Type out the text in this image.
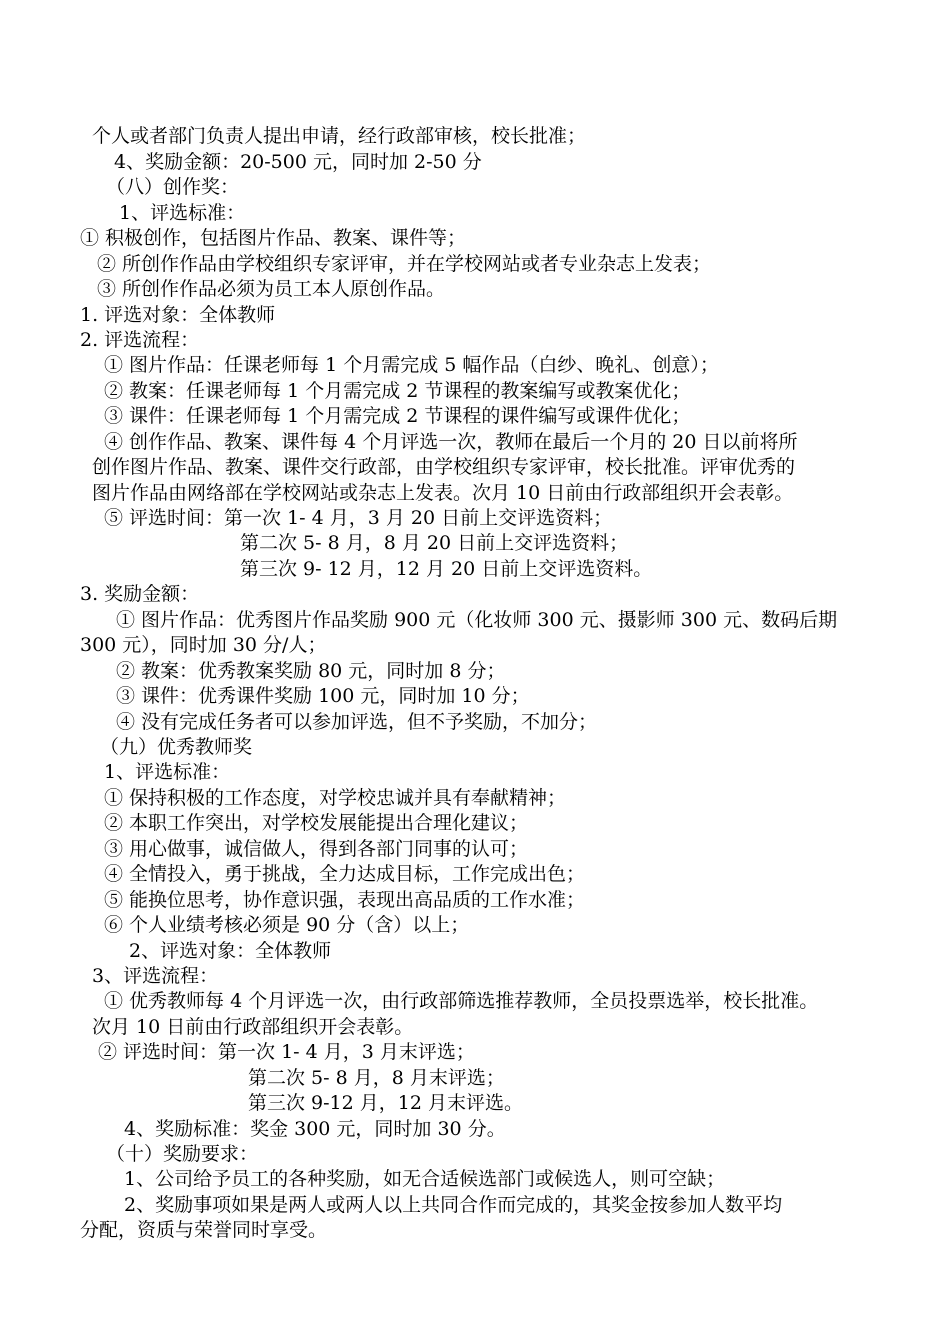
个人或者部门负责人提出申请，经行政部审核，校长批准；
4、奖励金额：20-500 元，同时加 2-50 分
（八）创作奖：
1、评选标准：
① 积极创作，包括图片作品、教案、课件等；
② 所创作作品由学校组织专家评审，并在学校网站或者专业杂志上发表；
③ 所创作作品必须为员工本人原创作品。
1. 评选对象：全体教师
2. 评选流程：
① 图片作品：任课老师每 1 个月需完成 5 幅作品（白纱、晚礼、创意）；
② 教案：任课老师每 1 个月需完成 2 节课程的教案编写或教案优化；
③ 课件：任课老师每 1 个月需完成 2 节课程的课件编写或课件优化；
④ 创作作品、教案、课件每 4 个月评选一次，教师在最后一个月的 20 日以前将所
创作图片作品、教案、课件交行政部，由学校组织专家评审，校长批准。评审优秀的
图片作品由网络部在学校网站或杂志上发表。次月 10 日前由行政部组织开会表彰。
⑤ 评选时间：第一次 1- 4 月，3 月 20 日前上交评选资料；
第二次 5- 8 月，8 月 20 日前上交评选资料；
第三次 9- 12 月，12 月 20 日前上交评选资料。
3. 奖励金额：
① 图片作品：优秀图片作品奖励 900 元（化妆师 300 元、摄影师 300 元、数码后期
300 元），同时加 30 分/人；
② 教案：优秀教案奖励 80 元，同时加 8 分；
③ 课件：优秀课件奖励 100 元，同时加 10 分；
④ 没有完成任务者可以参加评选，但不予奖励，不加分；
（九）优秀教师奖
1、评选标准：
① 保持积极的工作态度，对学校忠诚并具有奉献精神；
② 本职工作突出，对学校发展能提出合理化建议；
③ 用心做事，诚信做人，得到各部门同事的认可；
④ 全情投入，勇于挑战，全力达成目标，工作完成出色；
⑤ 能换位思考，协作意识强，表现出高品质的工作水准；
⑥ 个人业绩考核必须是 90 分（含）以上；
2、评选对象：全体教师
3、评选流程：
① 优秀教师每 4 个月评选一次，由行政部筛选推荐教师，全员投票选举，校长批准。
次月 10 日前由行政部组织开会表彰。
② 评选时间：第一次 1- 4 月，3 月末评选；
第二次 5- 8 月，8 月末评选；
第三次 9-12 月，12 月末评选。
4、奖励标准：奖金 300 元，同时加 30 分。
（十）奖励要求：
1、公司给予员工的各种奖励，如无合适候选部门或候选人，则可空缺；
2、奖励事项如果是两人或两人以上共同合作而完成的，其奖金按参加人数平均
分配，资质与荣誉同时享受。
